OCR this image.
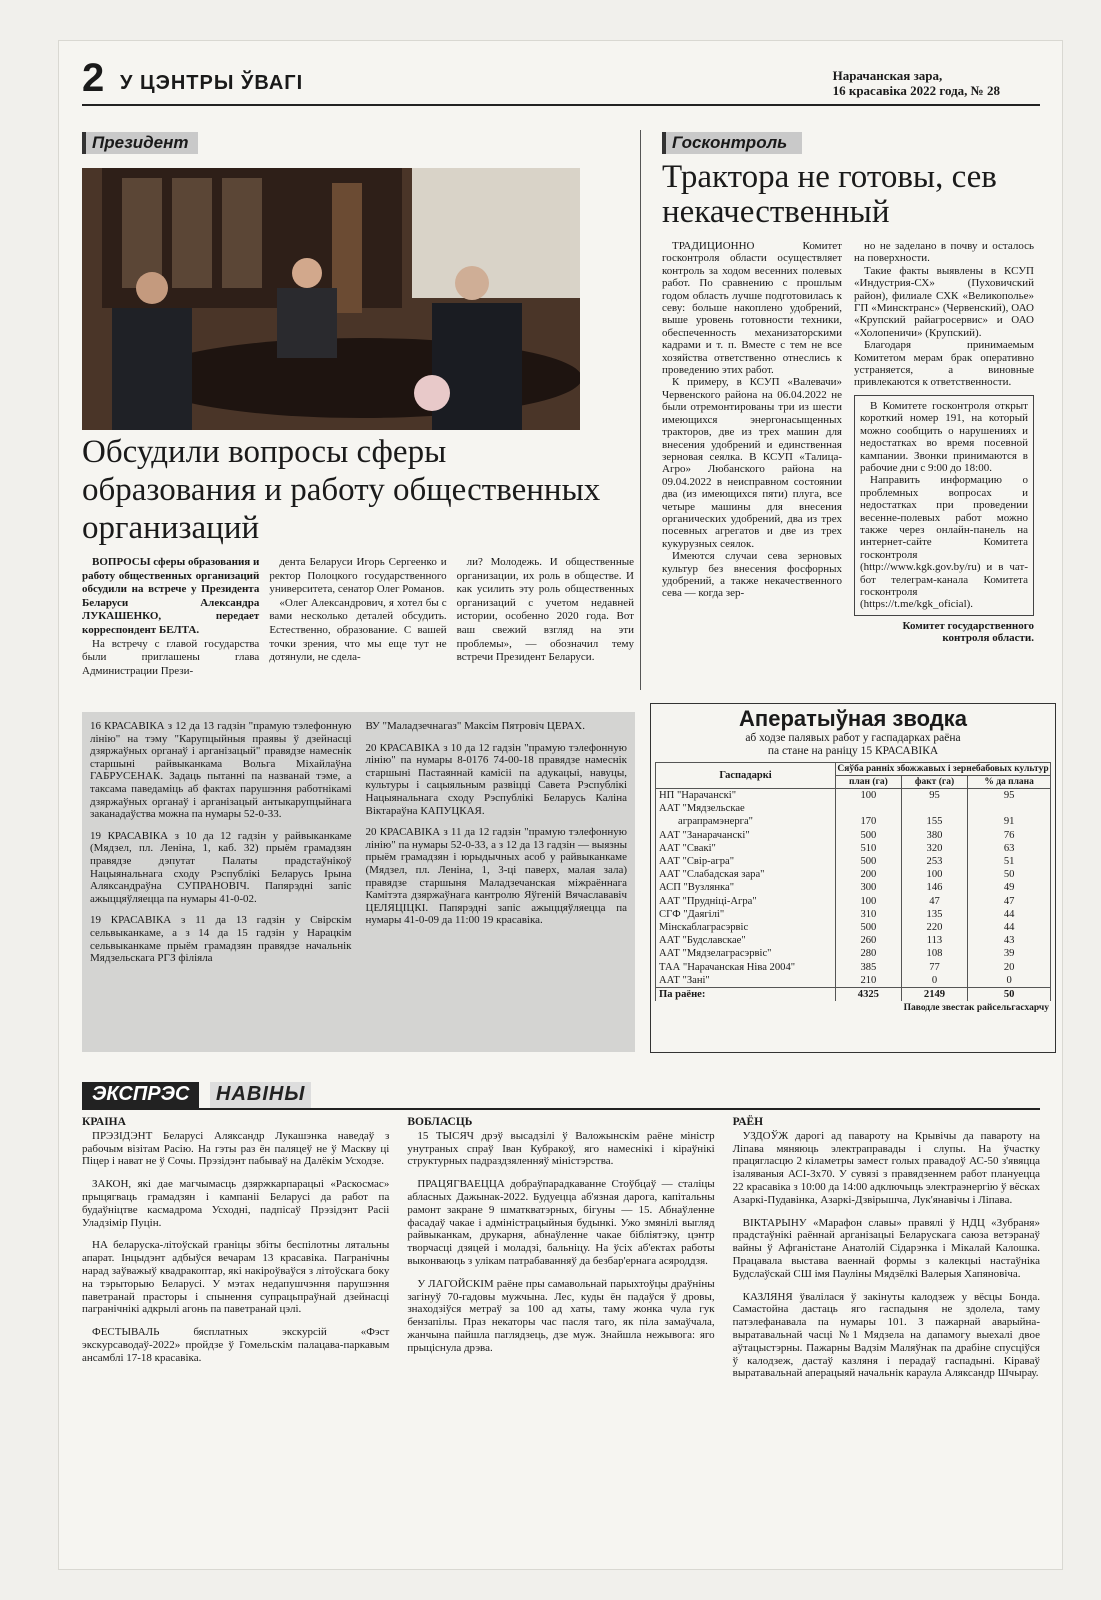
2 У ЦЭНТРЫ ЎВАГІ	Нарачанская зара,
16 красавіка 2022 года, № 28
Президент
Обсудили вопросы сферы образования и работу общественных организаций

ВОПРОСЫ сферы образования и работу общественных организаций обсудили на встрече у Президента Беларуси Александра ЛУКАШЕНКО, передает корреспондент БЕЛТА.

На встречу с главой государства были приглашены глава Администрации Прези-

дента Беларуси Игорь Сергеенко и ректор Полоцкого государственного университета, сенатор Олег Романов.

«Олег Александрович, я хотел бы с вами несколько деталей обсудить. Естественно, образование. С вашей точки зрения, что мы еще тут не дотянули, не сдела-

ли? Молодежь. И общественные организации, их роль в обществе. И как усилить эту роль общественных организаций с учетом недавней истории, особенно 2020 года. Вот ваш свежий взгляд на эти проблемы», — обозначил тему встречи Президент Беларуси.

Госконтроль
Трактора не готовы, сев некачественный

ТРАДИЦИОННО Комитет госконтроля области осуществляет контроль за ходом весенних полевых работ. По сравнению с прошлым годом область лучше подготовилась к севу: больше накоплено удобрений, выше уровень готовности техники, обеспеченность механизаторскими кадрами и т. п. Вместе с тем не все хозяйства ответственно отнеслись к проведению этих работ.

К примеру, в КСУП «Валевачи» Червенского района на 06.04.2022 не были отремонтированы три из шести имеющихся энергонасыщенных тракторов, две из трех машин для внесения удобрений и единственная зерновая сеялка. В КСУП «Талица-Агро» Любанского района на 09.04.2022 в неисправном состоянии два (из имеющихся пяти) плуга, все четыре машины для внесения органических удобрений, два из трех посевных агрегатов и две из трех кукурузных сеялок.

Имеются случаи сева зерновых культур без внесения фосфорных удобрений, а также некачественного сева — когда зер-

но не заделано в почву и осталось на поверхности.

Такие факты выявлены в КСУП «Индустрия-СХ» (Пуховичский район), филиале СХК «Великополье» ГП «Минсктранс» (Червенский), ОАО «Крупский райагросервис» и ОАО «Холопеничи» (Крупский).

Благодаря принимаемым Комитетом мерам брак оперативно устраняется, а виновные привлекаются к ответственности.

В Комитете госконтроля открыт короткий номер 191, на который можно сообщить о нарушениях и недостатках во время посевной кампании. Звонки принимаются в рабочие дни с 9:00 до 18:00.

Направить информацию о проблемных вопросах и недостатках при проведении весенне-полевых работ можно также через онлайн-панель на интернет-сайте Комитета госконтроля (http://www.kgk.gov.by/ru) и в чат-бот телеграм-канала Комитета госконтроля (https://t.me/kgk_oficial).

Комитет государственного контроля области.

16 КРАСАВІКА з 12 да 13 гадзін "прамую тэлефонную лінію" на тэму "Карупцыйныя праявы ў дзейнасці дзяржаўных органаў і арганізацый" правядзе намеснік старшыні райвыканкама Вольга Міхайлаўна ГАБРУСЕНАК. Задаць пытанні па названай тэме, а таксама паведаміць аб фактах парушэння работнікамі дзяржаўных органаў і арганізацый антыкарупцыйнага заканадаўства можна па нумары 52-0-33.

19 КРАСАВІКА з 10 да 12 гадзін у райвыканкаме (Мядзел, пл. Леніна, 1, каб. 32) прыём грамадзян правядзе дэпутат Палаты прадстаўнікоў Нацыянальнага сходу Рэспублікі Беларусь Ірына Аляксандраўна СУПРАНОВІЧ. Папярэдні запіс ажыццяўляецца па нумары 41-0-02.

19 КРАСАВІКА з 11 да 13 гадзін у Свірскім сельвыканкаме, а з 14 да 15 гадзін у Нарацкім сельвыканкаме прыём грамадзян правядзе начальнік Мядзельскага РГЗ філіяла

ВУ "Маладзечнагаз" Максім Пятровіч ЦЕРАХ.

20 КРАСАВІКА з 10 да 12 гадзін "прамую тэлефонную лінію" па нумары 8-0176 74-00-18 правядзе намеснік старшыні Пастаяннай камісіі па адукацыі, навуцы, культуры і сацыяльным развіцці Савета Рэспублікі Нацыянальнага сходу Рэспублікі Беларусь Каліна Віктараўна КАПУЦКАЯ.

20 КРАСАВІКА з 11 да 12 гадзін "прамую тэлефонную лінію" па нумары 52-0-33, а з 12 да 13 гадзін — выязны прыём грамадзян і юрыдычных асоб у райвыканкаме (Мядзел, пл. Леніна, 1, 3-ці паверх, малая зала) правядзе старшыня Маладзечанская міжраённага Камітэта дзяржаўнага кантролю Яўгеній Вячаслававіч ЦЕЛЯЦІЦКІ. Папярэдні запіс ажыццяўляецца па нумары 41-0-09 да 11:00 19 красавіка.

Аператыўная зводка
аб ходзе палявых работ у гаспадарках раёна
па стане на раніцу 15 КРАСАВІКА
Гаспадаркі	Сяўба ранніх збожжавых і зернебабовых культур		
	план (га)	факт (га)	% да плана
НП "Нарачанскі"	100	95	95
ААТ "Мядзельскае			
аграпрамэнерга"	170	155	91
ААТ "Занарачанскі"	500	380	76
ААТ "Свакі"	510	320	63
ААТ "Свір-агра"	500	253	51
ААТ "Слабадская зара"	200	100	50
АСП "Вузлянка"	300	146	49
ААТ "Прудніці-Агра"	100	47	47
СГФ "Даягілі"	310	135	44
Мінскаблаграсэрвіс	500	220	44
ААТ "Будславскае"	260	113	43
ААТ "Мядзелаграсэрвіс"	280	108	39
ТАА "Нарачанская Ніва 2004"	385	77	20
ААТ "Зані"	210	0	0
Па раёне:	4325	2149	50
Паводле звестак райсельгасхарчу
ЭКСПРЭС	НАВІНЫ
КРАІНА

ПРЭЗІДЭНТ Беларусі Аляксандр Лукашэнка наведаў з рабочым візітам Расію. На гэты раз ён паляцеў не ў Маскву ці Піцер і нават не ў Сочы. Прэзідэнт пабываў на Далёкім Усходзе.

ЗАКОН, які дае магчымасць дзяржкарпарацыі «Раскосмас» прыцягваць грамадзян і кампаніі Беларусі да работ па будаўніцтве касмадрома Усходні, падпісаў Прэзідэнт Расіі Уладзімір Пуцін.

НА беларуска-літоўскай граніцы збіты беспілотны лятальны апарат. Інцыдэнт адбыўся вечарам 13 красавіка. Пагранічны нарад заўважыў квадракоптар, які накіроўваўся з літоўскага боку на тэрыторыю Беларусі. У мэтах недапушчэння парушэння паветранай прасторы і спынення супрацьпраўнай дзейнасці пагранічнікі адкрылі агонь па паветранай цэлі.

ФЕСТЫВАЛЬ бясплатных экскурсій «Фэст экскурсаводаў-2022» пройдзе ў Гомельскім палацава-паркавым ансамблі 17-18 красавіка.

ВОБЛАСЦЬ

15 ТЫСЯЧ дрэў высадзілі ў Валожынскім раёне міністр унутраных спраў Іван Кубракоў, яго намеснікі і кіраўнікі структурных падраздзяленняў міністэрства.

ПРАЦЯГВАЕЦЦА добраўпарадкаванне Стоўбцаў — сталіцы абласных Дажынак-2022. Будуецца аб'язная дарога, капітальны рамонт закране 9 шматкватэрных, бігуны — 15. Абнаўленне фасадаў чакае і адміністрацыйныя будынкі. Ужо змянілі выгляд райвыканкам, друкарня, абнаўленне чакае бібліятэку, цэнтр творчасці дзяцей і моладзі, бальніцу. На ўсіх аб'ектах работы выконваюць з улікам патрабаванняў да безбар'ернага асяроддзя.

У ЛАГОЙСКІМ раёне пры самавольнай парыхтоўцы драўніны загінуў 70-гадовы мужчына. Лес, куды ён падаўся ў дровы, знаходзіўся метраў за 100 ад хаты, таму жонка чула гук бензапілы. Праз некаторы час пасля таго, як піла замаўчала, жанчына пайшла паглядзець, дзе муж. Знайшла нежывога: яго прыціснула дрэва.

РАЁН

УЗДОЎЖ дарогі ад павароту на Крывічы да павароту на Ліпава мяняюць электраправады і слупы. На ўчастку працягласцю 2 кіламетры замест голых правадоў АС-50 з'явяцца ізаляваныя АСІ-3х70. У сувязі з правядзеннем работ плануецца 22 красавіка з 10:00 да 14:00 адключыць электраэнергію ў вёсках Азаркі-Пудавінка, Азаркі-Дзвірышча, Лук'янавічы і Ліпава.

ВІКТАРЫНУ «Марафон славы» правялі ў НДЦ «Зубраня» прадстаўнікі раённай арганізацыі Беларускага саюза ветэранаў вайны ў Афганістане Анатолій Сідарэнка і Мікалай Калошка. Працавала выстава ваеннай формы з калекцыі настаўніка Будслаўскай СШ імя Пауліны Мядзёлкі Валерыя Хапяновіча.

КАЗЛЯНЯ ўвалілася ў закінуты калодзеж у вёсцы Бонда. Самастойна дастаць яго гаспадыня не здолела, таму патэлефанавала па нумары 101. З пажарнай аварыйна-выратавальнай часці №1 Мядзела на дапамогу выехалі двое аўтацыстэрны. Пажарны Вадзім Маляўнак па драбіне спусціўся ў калодзеж, дастаў казляня і перадаў гаспадыні. Кіраваў выратавальнай аперацыяй начальнік караула Аляксандр Шчырау.
